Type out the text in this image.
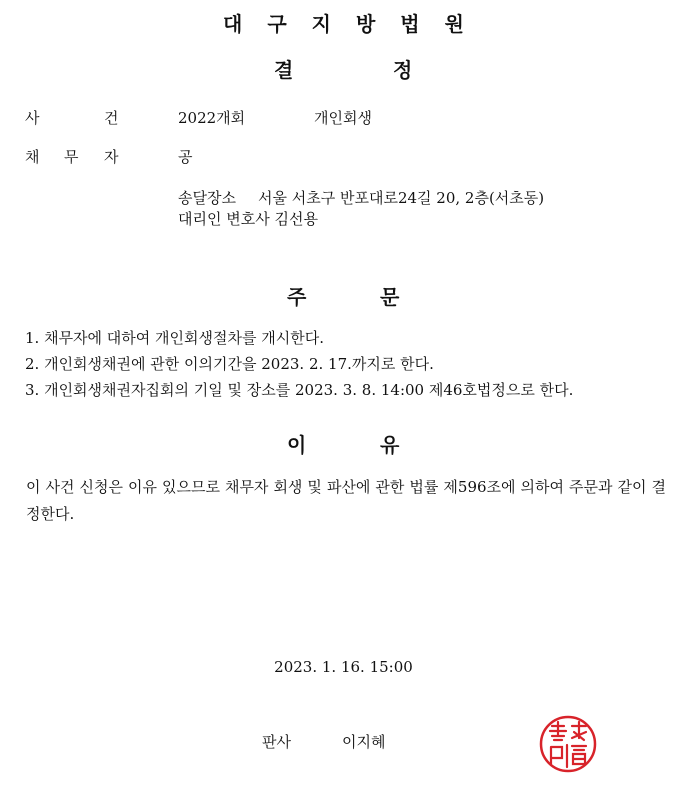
대구지방법원
결	정
사	건	2022개회	개인회생
채 무 자	공
송달장소 서울 서초구 반포대로24길 20, 2층(서초동)
대리인 변호사 김선용
주	문
1. 채무자에 대하여 개인회생절차를 개시한다.
2. 개인회생채권에 관한 이의기간을 2023. 2. 17.까지로 한다.
3. 개인회생채권자집회의 기일 및 장소를 2023. 3. 8. 14:00 제46호법정으로 한다.
이	유
이 사건 신청은 이유 있으므로 채무자 회생 및 파산에 관한 법률 제596조에 의하여 주문과 같이 결정한다.
2023. 1. 16. 15:00
판사	이지혜
